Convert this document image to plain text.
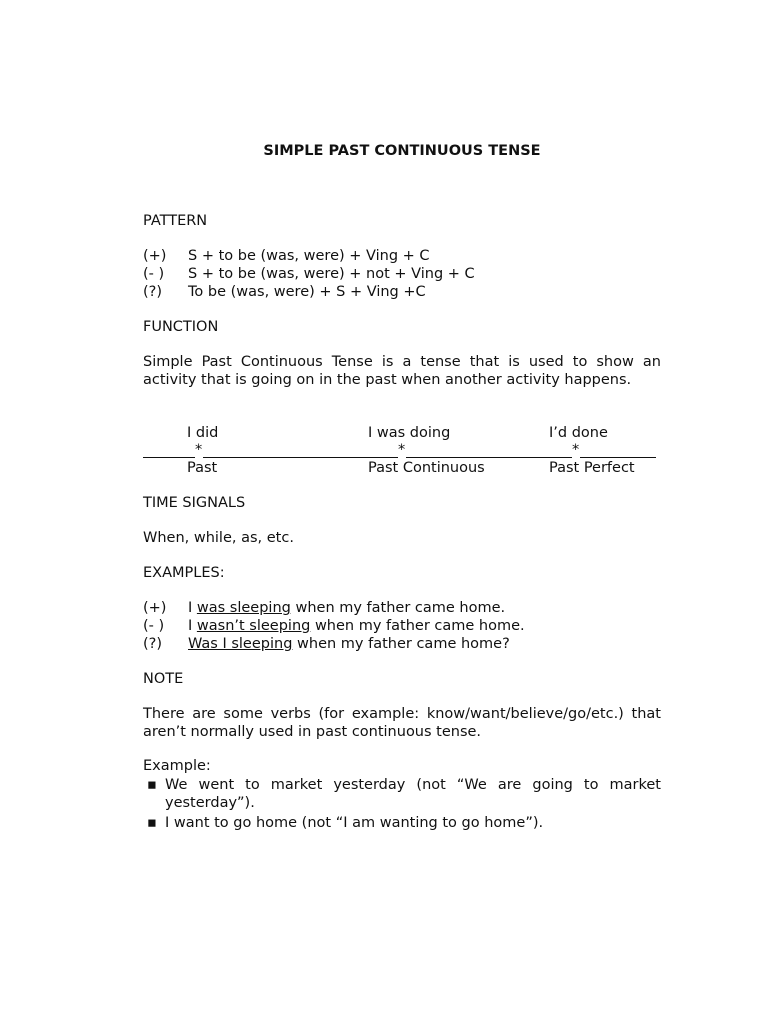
SIMPLE PAST CONTINUOUS TENSE
PATTERN
(+) S + to be (was, were) + Ving + C
(- ) S + to be (was, were) + not + Ving + C
(?) To be (was, were) + S + Ving +C
FUNCTION
Simple Past Continuous Tense is a tense that is used to show an activity that is going on in the past when another activity happens.
I did	I was doing	I’d done
*	*	*
Past	Past Continuous	Past Perfect
TIME SIGNALS
When, while, as, etc.
EXAMPLES:
(+) I was sleeping when my father came home.
(- ) I wasn’t sleeping when my father came home.
(?) Was I sleeping when my father came home?
NOTE
There are some verbs (for example: know/want/believe/go/etc.) that aren’t normally used in past continuous tense.
Example:
▪ We went to market yesterday (not “We are going to market yesterday”).
▪ I want to go home (not “I am wanting to go home”).
